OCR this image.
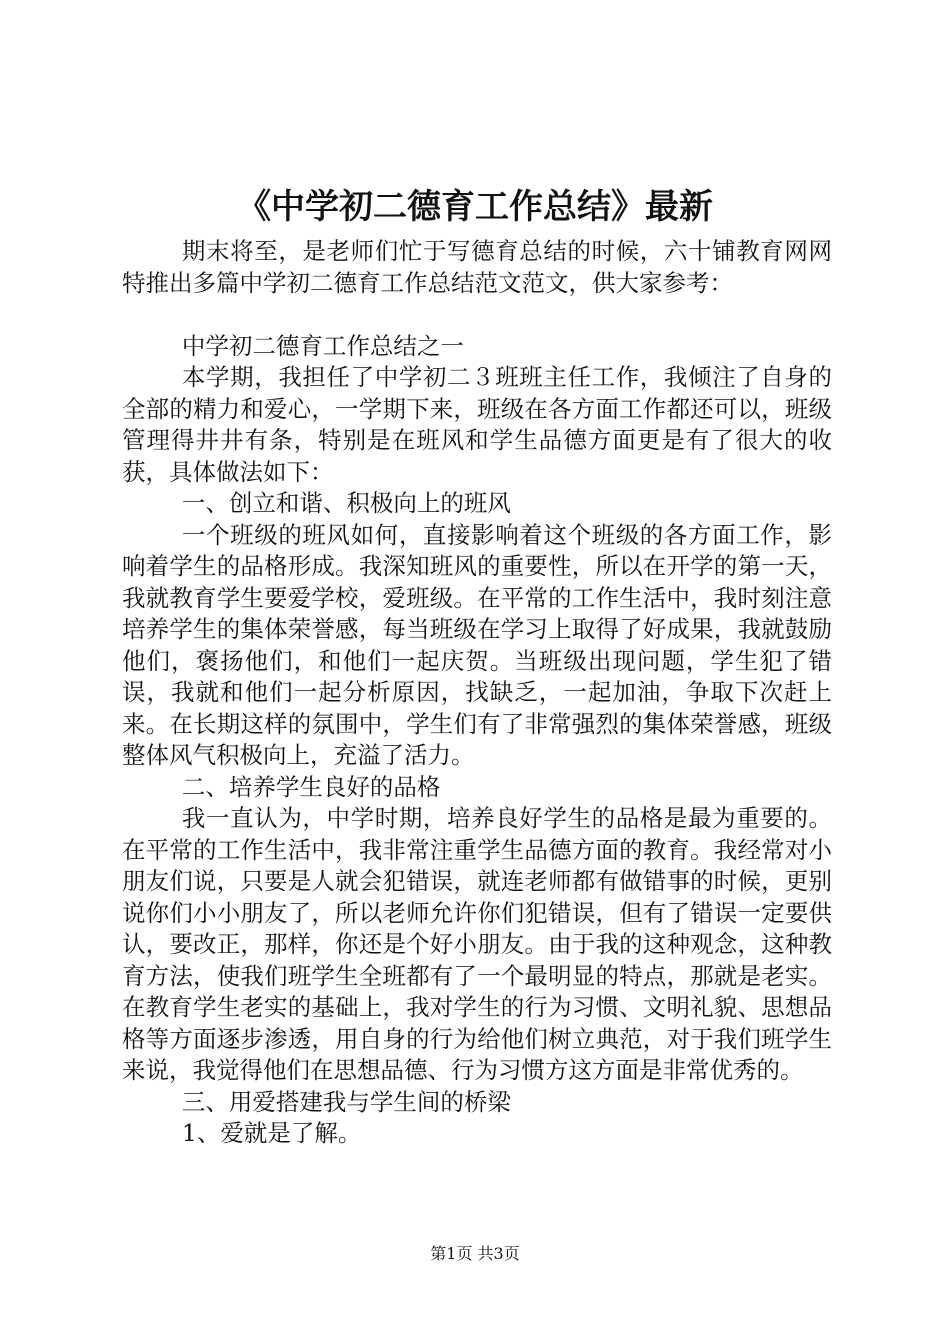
《中学初二德育工作总结》最新

期末将至，是老师们忙于写德育总结的时候，六十铺教育网网特推出多篇中学初二德育工作总结范文范文，供大家参考：

中学初二德育工作总结之一

本学期，我担任了中学初二３班班主任工作，我倾注了自身的全部的精力和爱心，一学期下来，班级在各方面工作都还可以，班级管理得井井有条，特别是在班风和学生品德方面更是有了很大的收获，具体做法如下：

一、创立和谐、积极向上的班风

一个班级的班风如何，直接影响着这个班级的各方面工作，影响着学生的品格形成。我深知班风的重要性，所以在开学的第一天，我就教育学生要爱学校，爱班级。在平常的工作生活中，我时刻注意培养学生的集体荣誉感，每当班级在学习上取得了好成果，我就鼓励他们，褒扬他们，和他们一起庆贺。当班级出现问题，学生犯了错误，我就和他们一起分析原因，找缺乏，一起加油，争取下次赶上来。在长期这样的氛围中，学生们有了非常强烈的集体荣誉感，班级整体风气积极向上，充溢了活力。

二、培养学生良好的品格

我一直认为，中学时期，培养良好学生的品格是最为重要的。在平常的工作生活中，我非常注重学生品德方面的教育。我经常对小朋友们说，只要是人就会犯错误，就连老师都有做错事的时候，更别说你们小小朋友了，所以老师允许你们犯错误，但有了错误一定要供认，要改正，那样，你还是个好小朋友。由于我的这种观念，这种教育方法，使我们班学生全班都有了一个最明显的特点，那就是老实。在教育学生老实的基础上，我对学生的行为习惯、文明礼貌、思想品格等方面逐步渗透，用自身的行为给他们树立典范，对于我们班学生来说，我觉得他们在思想品德、行为习惯方这方面是非常优秀的。

三、用爱搭建我与学生间的桥梁

1、爱就是了解。

第1页 共3页
